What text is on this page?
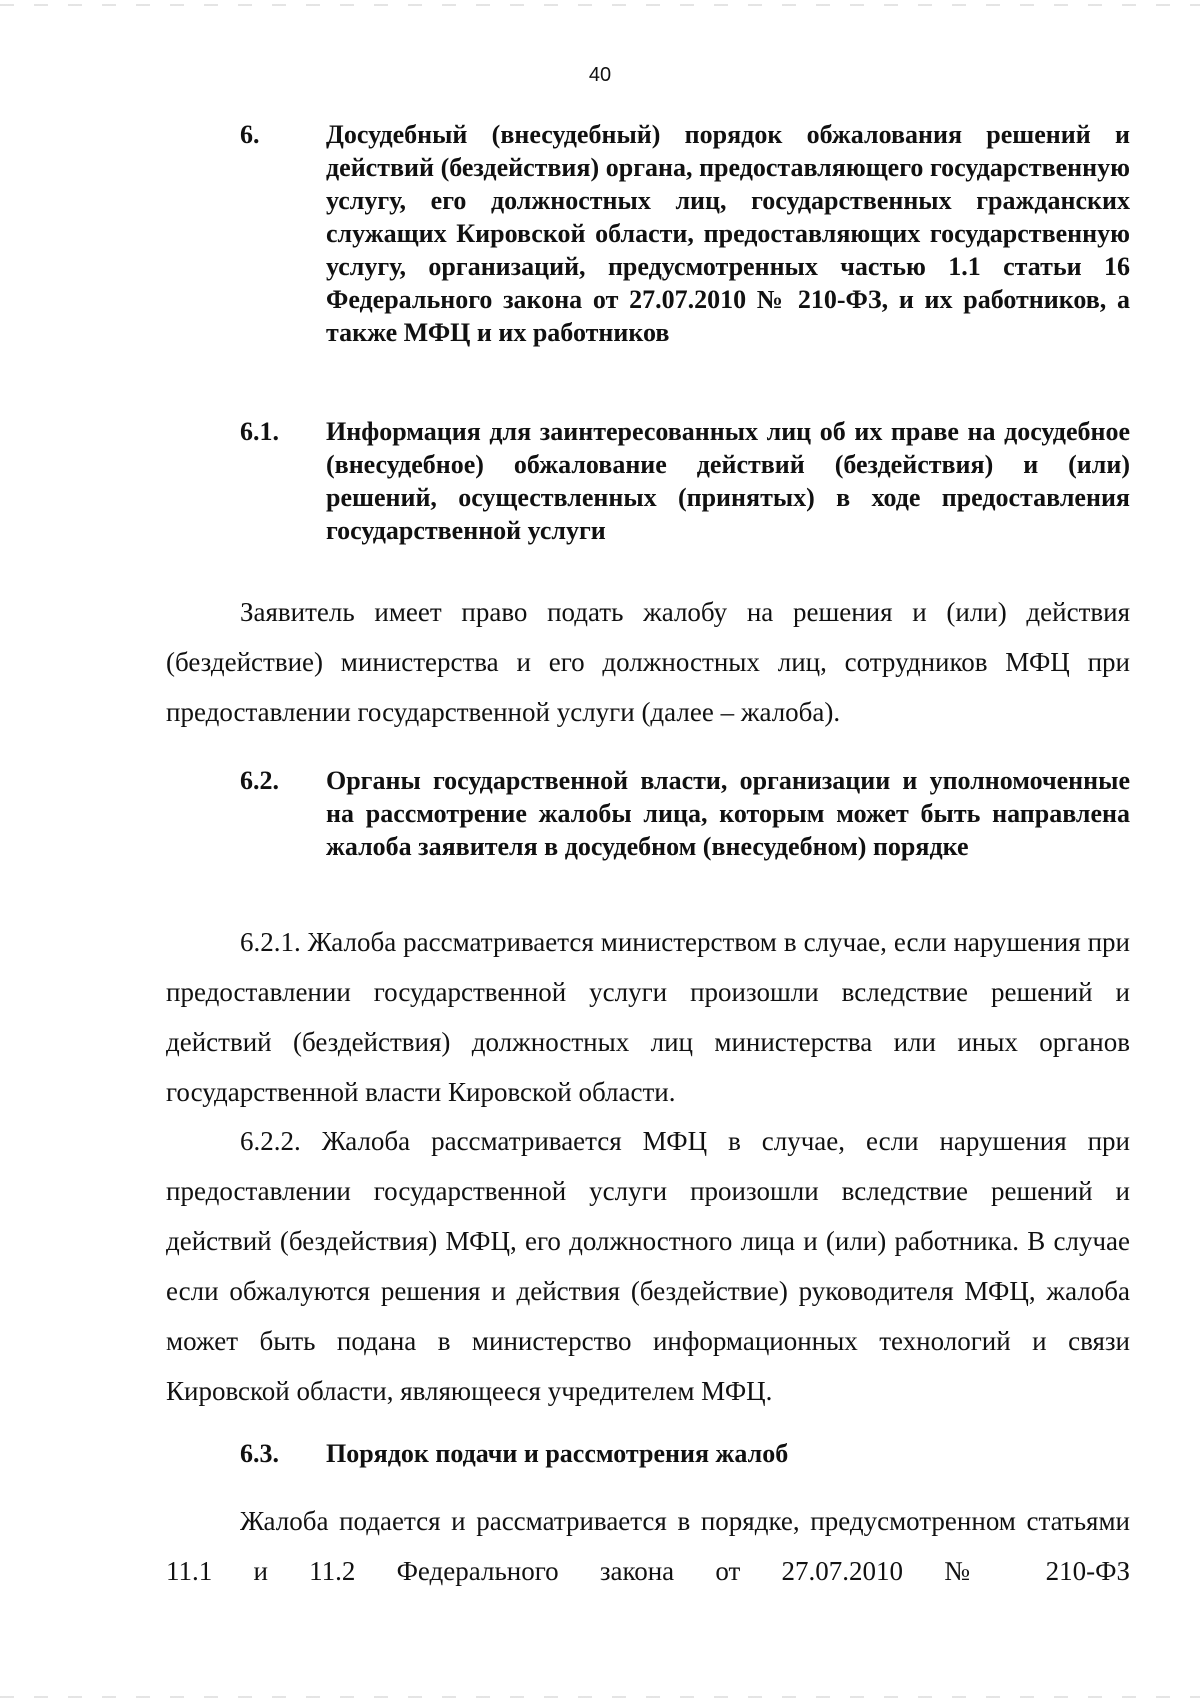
40
6.	Досудебный (внесудебный) порядок обжалования решений и действий (бездействия) органа, предоставляющего государственную услугу, его должностных лиц, государственных гражданских служащих Кировской области, предоставляющих государственную услугу, организаций, предусмотренных частью 1.1 статьи 16 Федерального закона от 27.07.2010 № 210-ФЗ, и их работников, а также МФЦ и их работников
6.1. Информация для заинтересованных лиц об их праве на досудебное (внесудебное) обжалование действий (бездействия) и (или) решений, осуществленных (принятых) в ходе предоставления государственной услуги
Заявитель имеет право подать жалобу на решения и (или) действия (бездействие) министерства и его должностных лиц, сотрудников МФЦ при предоставлении государственной услуги (далее – жалоба).
6.2. Органы государственной власти, организации и уполномоченные на рассмотрение жалобы лица, которым может быть направлена жалоба заявителя в досудебном (внесудебном) порядке
6.2.1. Жалоба рассматривается министерством в случае, если нарушения при предоставлении государственной услуги произошли вследствие решений и действий (бездействия) должностных лиц министерства или иных органов государственной власти Кировской области.
6.2.2. Жалоба рассматривается МФЦ в случае, если нарушения при предоставлении государственной услуги произошли вследствие решений и действий (бездействия) МФЦ, его должностного лица и (или) работника. В случае если обжалуются решения и действия (бездействие) руководителя МФЦ, жалоба может быть подана в министерство информационных технологий и связи Кировской области, являющееся учредителем МФЦ.
6.3. Порядок подачи и рассмотрения жалоб
Жалоба подается и рассматривается в порядке, предусмотренном статьями 11.1 и 11.2 Федерального закона от 27.07.2010 № 210-ФЗ
